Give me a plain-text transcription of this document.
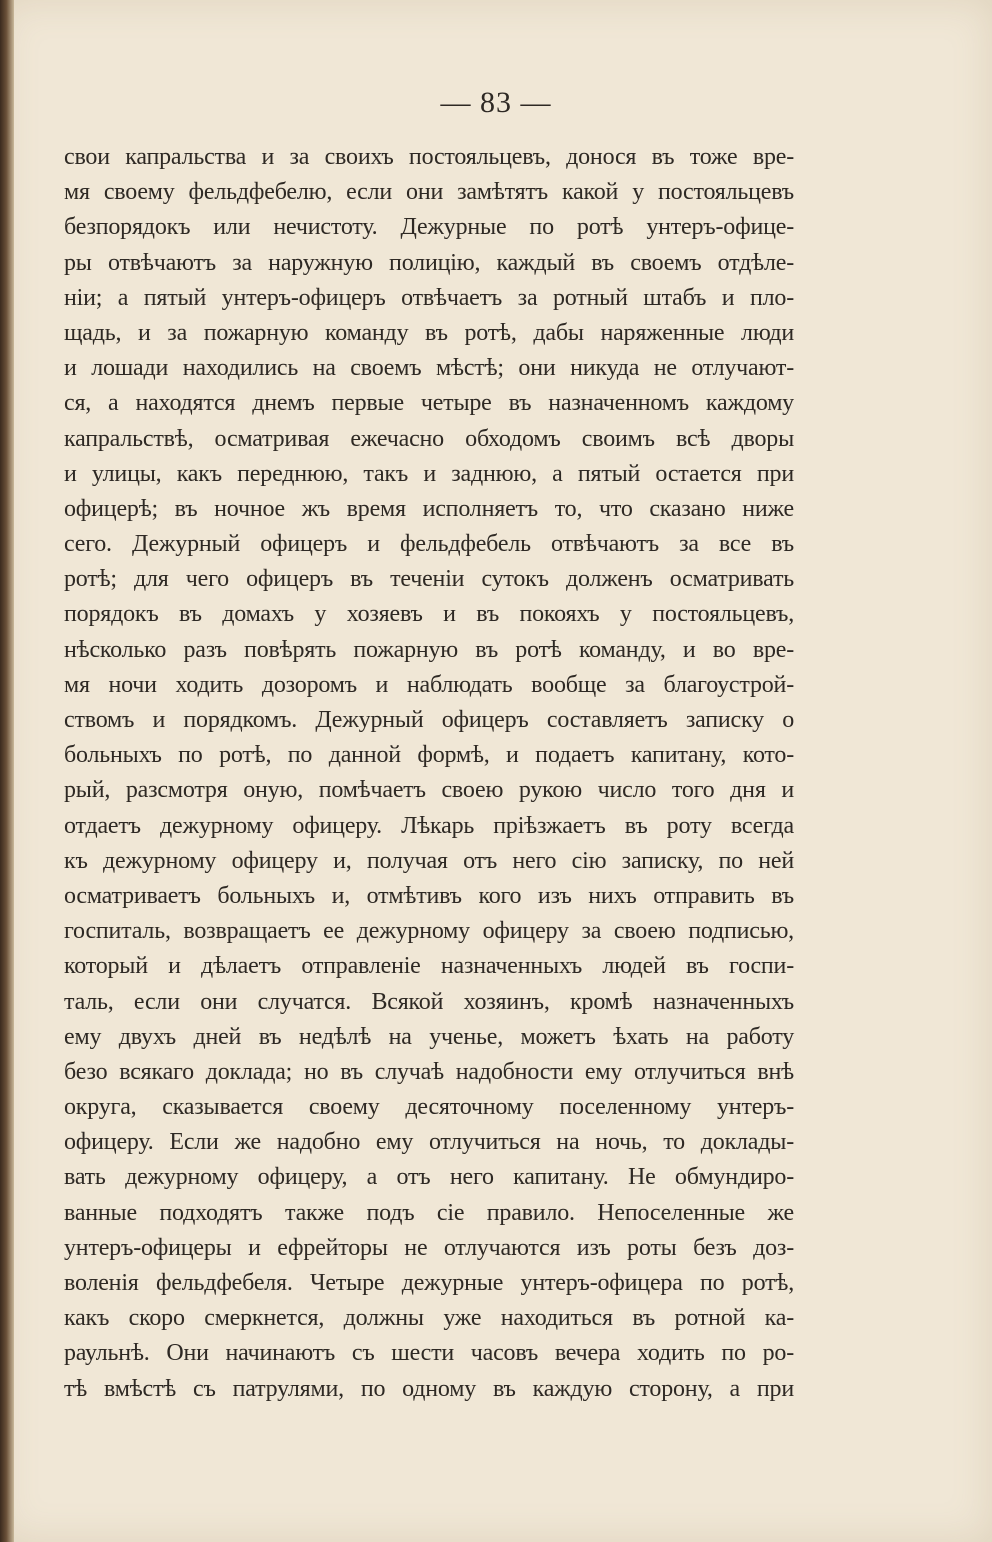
— 83 —
свои капральства и за своихъ постояльцевъ, донося въ тоже вре-
мя своему фельдфебелю, если они замѣтятъ какой у постояльцевъ
безпорядокъ или нечистоту. Дежурные по ротѣ унтеръ-офице-
ры отвѣчаютъ за наружную полицію, каждый въ своемъ отдѣле-
ніи; а пятый унтеръ-офицеръ отвѣчаетъ за ротный штабъ и пло-
щадь, и за пожарную команду въ ротѣ, дабы наряженные люди
и лошади находились на своемъ мѣстѣ; они никуда не отлучают-
ся, а находятся днемъ первые четыре въ назначенномъ каждому
капральствѣ, осматривая ежечасно обходомъ своимъ всѣ дворы
и улицы, какъ переднюю, такъ и заднюю, а пятый остается при
офицерѣ; въ ночное жъ время исполняетъ то, что сказано ниже
сего. Дежурный офицеръ и фельдфебель отвѣчаютъ за все въ
ротѣ; для чего офицеръ въ теченіи сутокъ долженъ осматривать
порядокъ въ домахъ у хозяевъ и въ покояхъ у постояльцевъ,
нѣсколько разъ повѣрять пожарную въ ротѣ команду, и во вре-
мя ночи ходить дозоромъ и наблюдать вообще за благоустрой-
ствомъ и порядкомъ. Дежурный офицеръ составляетъ записку о
больныхъ по ротѣ, по данной формѣ, и подаетъ капитану, кото-
рый, разсмотря оную, помѣчаетъ своею рукою число того дня и
отдаетъ дежурному офицеру. Лѣкарь пріѣзжаетъ въ роту всегда
къ дежурному офицеру и, получая отъ него сію записку, по ней
осматриваетъ больныхъ и, отмѣтивъ кого изъ нихъ отправить въ
госпиталь, возвращаетъ ее дежурному офицеру за своею подписью,
который и дѣлаетъ отправленіе назначенныхъ людей въ госпи-
таль, если они случатся. Всякой хозяинъ, кромѣ назначенныхъ
ему двухъ дней въ недѣлѣ на ученье, можетъ ѣхать на работу
безо всякаго доклада; но въ случаѣ надобности ему отлучиться внѣ
округа, сказывается своему десяточному поселенному унтеръ-
офицеру. Если же надобно ему отлучиться на ночь, то доклады-
вать дежурному офицеру, а отъ него капитану. Не обмундиро-
ванные подходятъ также подъ сіе правило. Непоселенные же
унтеръ-офицеры и ефрейторы не отлучаются изъ роты безъ доз-
воленія фельдфебеля. Четыре дежурные унтеръ-офицера по ротѣ,
какъ скоро смеркнется, должны уже находиться въ ротной ка-
раульнѣ. Они начинаютъ съ шести часовъ вечера ходить по ро-
тѣ вмѣстѣ съ патрулями, по одному въ каждую сторону, а при
